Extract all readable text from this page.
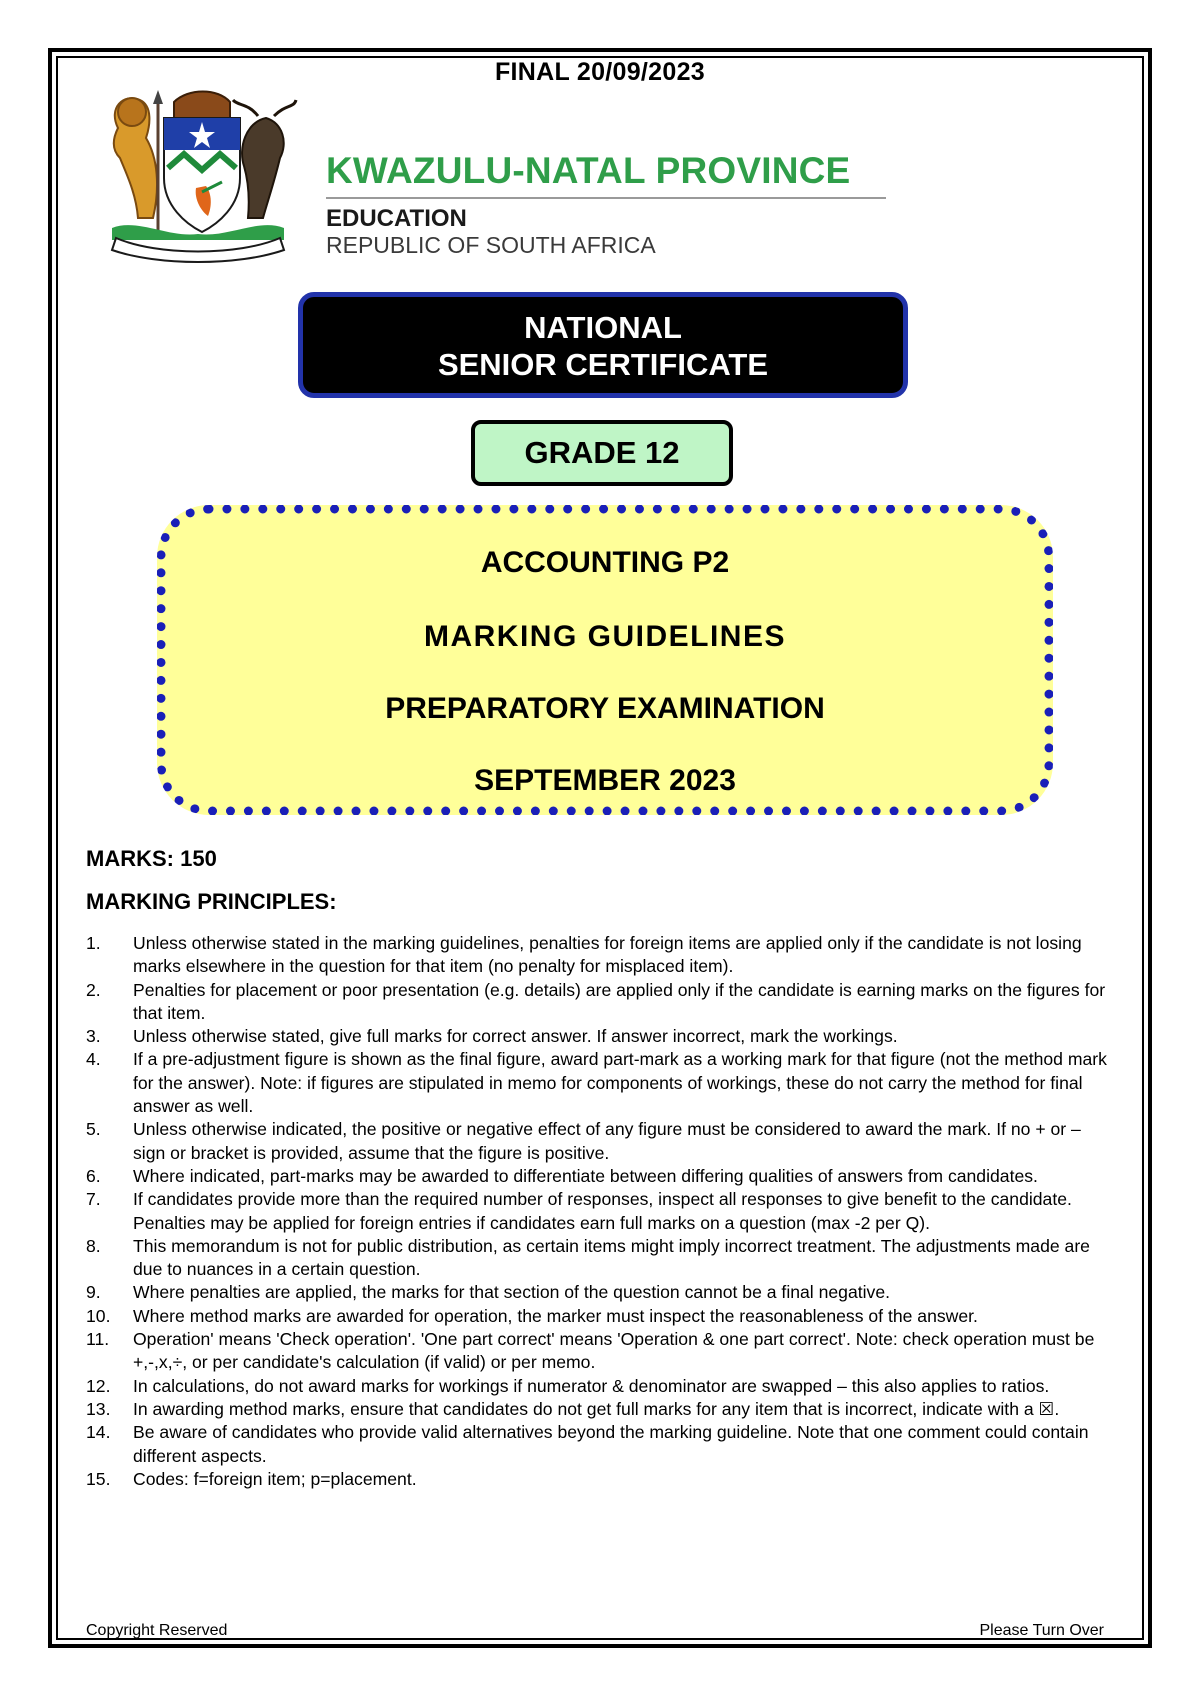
FINAL 20/09/2023
KWAZULU-NATAL PROVINCE
EDUCATION
REPUBLIC OF SOUTH AFRICA
NATIONAL
SENIOR CERTIFICATE
GRADE 12
ACCOUNTING P2
MARKING GUIDELINES
PREPARATORY EXAMINATION
SEPTEMBER 2023
MARKS: 150
MARKING PRINCIPLES:
1.	Unless otherwise stated in the marking guidelines, penalties for foreign items are applied only if the candidate is not losing marks elsewhere in the question for that item (no penalty for misplaced item).
2.	Penalties for placement or poor presentation (e.g. details) are applied only if the candidate is earning marks on the figures for that item.
3.	Unless otherwise stated, give full marks for correct answer. If answer incorrect, mark the workings.
4.	If a pre-adjustment figure is shown as the final figure, award part-mark as a working mark for that figure (not the method mark for the answer). Note: if figures are stipulated in memo for components of workings, these do not carry the method for final answer as well.
5.	Unless otherwise indicated, the positive or negative effect of any figure must be considered to award the mark. If no + or – sign or bracket is provided, assume that the figure is positive.
6.	Where indicated, part-marks may be awarded to differentiate between differing qualities of answers from candidates.
7.	If candidates provide more than the required number of responses, inspect all responses to give benefit to the candidate. Penalties may be applied for foreign entries if candidates earn full marks on a question (max -2 per Q).
8.	This memorandum is not for public distribution, as certain items might imply incorrect treatment. The adjustments made are due to nuances in a certain question.
9.	Where penalties are applied, the marks for that section of the question cannot be a final negative.
10.	Where method marks are awarded for operation, the marker must inspect the reasonableness of the answer.
11.	Operation' means 'Check operation'. 'One part correct' means 'Operation & one part correct'. Note: check operation must be +,-,x,÷, or per candidate's calculation (if valid) or per memo.
12.	In calculations, do not award marks for workings if numerator & denominator are swapped – this also applies to ratios.
13.	In awarding method marks, ensure that candidates do not get full marks for any item that is incorrect, indicate with a ☒.
14.	Be aware of candidates who provide valid alternatives beyond the marking guideline. Note that one comment could contain different aspects.
15.	Codes: f=foreign item; p=placement.
Copyright Reserved	Please Turn Over
